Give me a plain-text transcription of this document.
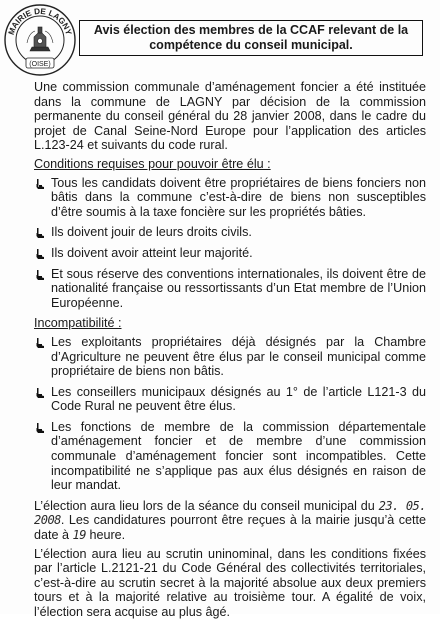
MAIRIE DE LAGNY
(OISE)
Avis élection des membres de la CCAF relevant de la
compétence du conseil municipal.

Une commission communale d’aménagement foncier a été instituée dans la commune de LAGNY par décision de la commission permanente du conseil général du 28 janvier 2008, dans le cadre du projet de Canal Seine-Nord Europe pour l’application des articles L.123-24 et suivants du code rural.

Conditions requises pour pouvoir être élu :
Tous les candidats doivent être propriétaires de biens fonciers non bâtis dans la commune c’est-à-dire de biens non susceptibles d’être soumis à la taxe foncière sur les propriétés bâties.
Ils doivent jouir de leurs droits civils.
Ils doivent avoir atteint leur majorité.
Et sous réserve des conventions internationales, ils doivent être de nationalité française ou ressortissants d’un Etat membre de l’Union Européenne.
Incompatibilité :
Les exploitants propriétaires déjà désignés par la Chambre d’Agriculture ne peuvent être élus par le conseil municipal comme propriétaire de biens non bâtis.
Les conseillers municipaux désignés au 1° de l’article L121-3 du Code Rural ne peuvent être élus.
Les fonctions de membre de la commission départementale d’aménagement foncier et de membre d’une commission communale d’aménagement foncier sont incompatibles. Cette incompatibilité ne s’applique pas aux élus désignés en raison de leur mandat.

L’élection aura lieu lors de la séance du conseil municipal du 23. 05. 2008. Les candidatures pourront être reçues à la mairie jusqu’à cette date à 19 heure.

L’élection aura lieu au scrutin uninominal, dans les conditions fixées par l’article L.2121-21 du Code Général des collectivités territoriales, c’est-à-dire au scrutin secret à la majorité absolue aux deux premiers tours et à la majorité relative au troisième tour. A égalité de voix, l’élection sera acquise au plus âgé.
